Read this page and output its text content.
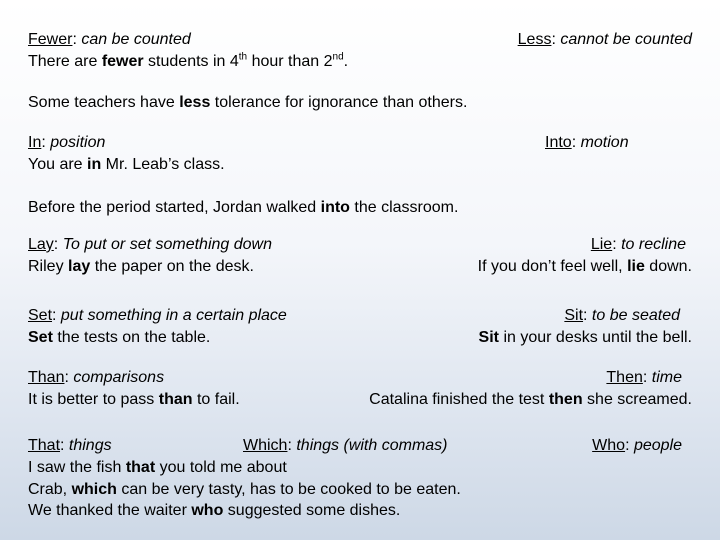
Fewer: can be counted
There are fewer students in 4th hour than 2nd.
Less: cannot be counted
Some teachers have less tolerance for ignorance than others.
In: position
You are in Mr. Leab’s class.
Into: motion
Before the period started, Jordan walked into the classroom.
Lay: To put or set something down
Riley lay the paper on the desk.
Lie: to recline
If you don’t feel well, lie down.
Set: put something in a certain place
Set the tests on the table.
Sit: to be seated
Sit in your desks until the bell.
Than: comparisons
It is better to pass than to fail.
Then: time
Catalina finished the test then she screamed.
That: things	Which: things (with commas)	Who: people
I saw the fish that you told me about
Crab, which can be very tasty, has to be cooked to be eaten.
We thanked the waiter who suggested some dishes.
